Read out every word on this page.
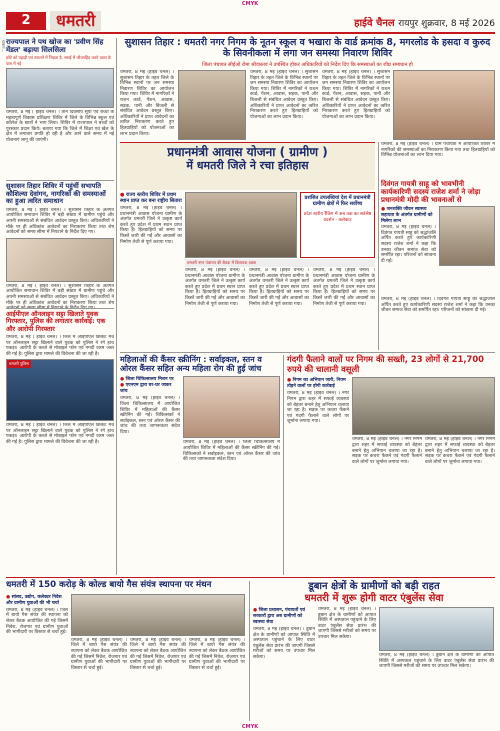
CMYK
चलता...
2	धमतरी	हाईवे चैनल रायपुर शुक्रवार, 8 मई 2026
राज्यपाल ने पथ खोज का 'प्रवीण सिंह मेंडल' बढ़ाया सिलसिला
छोटे को पहाड़ी एवं तराशने में भिड़ता है. सराई में जीवनहिंद करने वाला के पास में नई
धमतरी, 8 मई ( हाईवे चैनल) । तीन दिवसीय सूर्या एवं बच्चों के महत्वपूर्ण विकास प्रशिक्षण शिविर में जिले के विभिन्न स्कूल एवं कॉलेज के छात्रों ने भाग लिया। शिविर में राज्यपाल ने बच्चों को पुरस्कार प्रदान किये। बताया गया कि जिले में शिक्षा एवं खेल के क्षेत्र में लगातार प्रगति हो रही है और आने वाले समय में नई योजनाएं लागू की जाएंगी।
सुशासन तिहार शिविर में पहुंचीं सभापति कौशिल्या देवांगन, नागरिकों की समस्याओं का हुआ त्वरित समाधान
धमतरी, 8 मई ( हाईवे चैनल) । सुशासन तिहार के अंतर्गत आयोजित समाधान शिविर में बड़ी संख्या में ग्रामीण पहुंचे और अपनी समस्याओं से संबंधित आवेदन प्रस्तुत किए। अधिकारियों ने मौके पर ही अधिकांश आवेदनों का निराकरण किया तथा शेष आवेदनों को समय सीमा में निपटाने के निर्देश दिए गए।
धमतरी, 8 मई ( हाईवे चैनल) । सुशासन तिहार के अंतर्गत आयोजित समाधान शिविर में बड़ी संख्या में ग्रामीण पहुंचे और अपनी समस्याओं से संबंधित आवेदन प्रस्तुत किए। अधिकारियों ने मौके पर ही अधिकांश आवेदनों का निराकरण किया तथा शेष आवेदनों को समय सीमा में निपटाने के निर्देश दिए गए।
आईपीएल ऑनलाइन सट्टा खिलाते युवक गिरफ्तार, पुलिस की लगातार कार्रवाई: एक और आरोपी गिरफ्तार
धमतरी, 8 मई ( हाईवे चैनल) । जिले में आईपीएल क्रिकेट मैच पर ऑनलाइन सट्टा खिलाने वाले युवक को पुलिस ने रंगे हाथ पकड़ा। आरोपी के कब्जे से मोबाइल फोन एवं नगदी रकम जब्त की गई है। पुलिस द्वारा मामले की विवेचना की जा रही है।
धमतरी पुलिस
धमतरी, 8 मई ( हाईवे चैनल) । जिले में आईपीएल क्रिकेट मैच पर ऑनलाइन सट्टा खिलाने वाले युवक को पुलिस ने रंगे हाथ पकड़ा। आरोपी के कब्जे से मोबाइल फोन एवं नगदी रकम जब्त की गई है। पुलिस द्वारा मामले की विवेचना की जा रही है।
सुशासन तिहार : धमतरी नगर निगम के नूतन स्कूल व भखारा के वार्ड क्रमांक 8, मगरलोड के हसदा व कुरुद के सिवनीकला में लगा जन समस्या निवारण शिविर
जिला पंचायत सीईओ रोमा श्रीवास्तव ने उपस्थित होकर अधिकारियों को निर्देश दिए कि समस्याओं का शीघ्र समाधान हो
धमतरी, 8 मई (हाईवे चैनल) । सुशासन तिहार के तहत जिले के विभिन्न स्थानों पर जन समस्या निवारण शिविर का आयोजन किया गया। शिविर में नागरिकों ने राशन कार्ड, पेंशन, आवास, सड़क, पानी और बिजली से संबंधित आवेदन प्रस्तुत किए। अधिकारियों ने प्राप्त आवेदनों का त्वरित निराकरण करते हुए हितग्राहियों को योजनाओं का लाभ प्रदान किया।
धमतरी, 8 मई (हाईवे चैनल) । सुशासन तिहार के तहत जिले के विभिन्न स्थानों पर जन समस्या निवारण शिविर का आयोजन किया गया। शिविर में नागरिकों ने राशन कार्ड, पेंशन, आवास, सड़क, पानी और बिजली से संबंधित आवेदन प्रस्तुत किए। अधिकारियों ने प्राप्त आवेदनों का त्वरित निराकरण करते हुए हितग्राहियों को योजनाओं का लाभ प्रदान किया।
धमतरी, 8 मई (हाईवे चैनल) । सुशासन तिहार के तहत जिले के विभिन्न स्थानों पर जन समस्या निवारण शिविर का आयोजन किया गया। शिविर में नागरिकों ने राशन कार्ड, पेंशन, आवास, सड़क, पानी और बिजली से संबंधित आवेदन प्रस्तुत किए। अधिकारियों ने प्राप्त आवेदनों का त्वरित निराकरण करते हुए हितग्राहियों को योजनाओं का लाभ प्रदान किया।
प्रधानमंत्री आवास योजना ( ग्रामीण )
में धमतरी जिले ने रचा इतिहास
● राज्य स्तरीय शिविर में प्रथम स्थान प्राप्त कर बना राष्ट्रीय सितारा
धमतरी, 8 मई (हाईवे चैनल) । प्रधानमंत्री आवास योजना ग्रामीण के अंतर्गत धमतरी जिले ने उत्कृष्ट कार्य करते हुए प्रदेश में प्रथम स्थान प्राप्त किया है। हितग्राहियों को समय पर किस्तें जारी की गईं और आवासों का निर्माण तेजी से पूर्ण कराया गया।
धमतरी नगर पंचायत की बैठक में विधायक वक्ता
प्रशंसित उपलब्धियां देश में प्रधानमंत्री ग्रामीण क्षेत्रों में फिर सर्वोच्च
प्रदेश स्तरीय रैंकिंग में अब तक का सर्वश्रेष्ठ प्रदर्शन - कलेक्टर
धमतरी, 8 मई (हाईवे चैनल) । प्रधानमंत्री आवास योजना ग्रामीण के अंतर्गत धमतरी जिले ने उत्कृष्ट कार्य करते हुए प्रदेश में प्रथम स्थान प्राप्त किया है। हितग्राहियों को समय पर किस्तें जारी की गईं और आवासों का निर्माण तेजी से पूर्ण कराया गया।
धमतरी, 8 मई (हाईवे चैनल) । प्रधानमंत्री आवास योजना ग्रामीण के अंतर्गत धमतरी जिले ने उत्कृष्ट कार्य करते हुए प्रदेश में प्रथम स्थान प्राप्त किया है। हितग्राहियों को समय पर किस्तें जारी की गईं और आवासों का निर्माण तेजी से पूर्ण कराया गया।
धमतरी, 8 मई (हाईवे चैनल) । प्रधानमंत्री आवास योजना ग्रामीण के अंतर्गत धमतरी जिले ने उत्कृष्ट कार्य करते हुए प्रदेश में प्रथम स्थान प्राप्त किया है। हितग्राहियों को समय पर किस्तें जारी की गईं और आवासों का निर्माण तेजी से पूर्ण कराया गया।
धमतरी, 8 मई (हाईवे चैनल) । ग्राम पंचायतों में आयोजित शिविर में नागरिकों की समस्याओं का निराकरण किया गया तथा हितग्राहियों को विभिन्न योजनाओं का लाभ दिया गया।
दिवंगत गायत्री साहू को भावभीनी कार्यकारिणी सदस्य राजेश शर्मा ने जोड़ा प्रधानमंत्री मोदी की भावनाओं से
● जनशक्ति जीवन स्वास्थ्य सहायता के अंतर्गत ग्रामीणों को मिलेगा लाभ
धमतरी, 8 मई (हाईवे चैनल) । दिवंगत गायत्री साहू को श्रद्धांजलि अर्पित करते हुए कार्यकारिणी सदस्य राजेश शर्मा ने कहा कि उनका जीवन समाज सेवा को समर्पित रहा। परिजनों को सांत्वना दी गई।
धमतरी, 8 मई (हाईवे चैनल) । दिवंगत गायत्री साहू को श्रद्धांजलि अर्पित करते हुए कार्यकारिणी सदस्य राजेश शर्मा ने कहा कि उनका जीवन समाज सेवा को समर्पित रहा। परिजनों को सांत्वना दी गई।
महिलाओं की कैंसर स्क्रीनिंग : सर्वाइकल, स्तन व ओरल कैंसर सहित अन्य महिला रोग की हुई जांच
● जिला चिकित्सालय मिशन पर
● एएनएम द्वारा घर-घर जाकर जांच
धमतरी, 8 मई (हाईवे चैनल) । जिला चिकित्सालय में आयोजित शिविर में महिलाओं की कैंसर स्क्रीनिंग की गई। चिकित्सकों ने सर्वाइकल, स्तन एवं ओरल कैंसर की जांच की तथा जागरूकता संदेश दिया।
धमतरी, 8 मई (हाईवे चैनल) । जिला चिकित्सालय में आयोजित शिविर में महिलाओं की कैंसर स्क्रीनिंग की गई। चिकित्सकों ने सर्वाइकल, स्तन एवं ओरल कैंसर की जांच की तथा जागरूकता संदेश दिया।
गंदगी फैलाने वालों पर निगम की सख्ती, 23 लोगों से 21,700 रुपये की चालानी वसूली
● निगम का अभियान जारी, नियम तोड़ने वालों पर होगी कार्रवाई
धमतरी, 8 मई (हाईवे चैनल) । नगर निगम द्वारा शहर में सफाई व्यवस्था को बेहतर बनाने हेतु अभियान चलाया जा रहा है। सड़क पर कचरा फेंकने एवं गंदगी फैलाने वाले लोगों पर जुर्माना लगाया गया।
धमतरी, 8 मई (हाईवे चैनल) । नगर निगम द्वारा शहर में सफाई व्यवस्था को बेहतर बनाने हेतु अभियान चलाया जा रहा है। सड़क पर कचरा फेंकने एवं गंदगी फैलाने वाले लोगों पर जुर्माना लगाया गया।
धमतरी, 8 मई (हाईवे चैनल) । नगर निगम द्वारा शहर में सफाई व्यवस्था को बेहतर बनाने हेतु अभियान चलाया जा रहा है। सड़क पर कचरा फेंकने एवं गंदगी फैलाने वाले लोगों पर जुर्माना लगाया गया।
धमतरी में 150 करोड़ के कोल्ड बायो गैस संयंत्र स्थापना पर मंथन
● सांसद, उद्योग, कलेक्टर निवेश और ग्रामीण युवाओं की भी चर्चा
धमतरी, 8 मई (हाईवे चैनल) । जिले में बायो गैस संयंत्र की स्थापना को लेकर बैठक आयोजित की गई जिसमें निवेश, रोजगार एवं ग्रामीण युवाओं की भागीदारी पर विस्तार से चर्चा हुई।
धमतरी, 8 मई (हाईवे चैनल) । जिले में बायो गैस संयंत्र की स्थापना को लेकर बैठक आयोजित की गई जिसमें निवेश, रोजगार एवं ग्रामीण युवाओं की भागीदारी पर विस्तार से चर्चा हुई।
धमतरी, 8 मई (हाईवे चैनल) । जिले में बायो गैस संयंत्र की स्थापना को लेकर बैठक आयोजित की गई जिसमें निवेश, रोजगार एवं ग्रामीण युवाओं की भागीदारी पर विस्तार से चर्चा हुई।
धमतरी, 8 मई (हाईवे चैनल) । जिले में बायो गैस संयंत्र की स्थापना को लेकर बैठक आयोजित की गई जिसमें निवेश, रोजगार एवं ग्रामीण युवाओं की भागीदारी पर विस्तार से चर्चा हुई।
डूबान क्षेत्रों के ग्रामीणों को बड़ी राहत
धमतरी में शुरू होगी वाटर एंबुलेंस सेवा
● जिला प्रशासन, पंचायतों एवं सरकारों द्वारा अब ग्रामीणों को स्वास्थ्य सेवा
धमतरी, 8 मई (हाईवे चैनल) । डूबान क्षेत्र के ग्रामीणों को आपात स्थिति में अस्पताल पहुंचाने के लिए वाटर एंबुलेंस सेवा प्रारंभ की जाएगी जिससे मरीजों को समय पर उपचार मिल सकेगा।
धमतरी, 8 मई (हाईवे चैनल) । डूबान क्षेत्र के ग्रामीणों को आपात स्थिति में अस्पताल पहुंचाने के लिए वाटर एंबुलेंस सेवा प्रारंभ की जाएगी जिससे मरीजों को समय पर उपचार मिल सकेगा।
धमतरी, 8 मई (हाईवे चैनल) । डूबान क्षेत्र के ग्रामीणों को आपात स्थिति में अस्पताल पहुंचाने के लिए वाटर एंबुलेंस सेवा प्रारंभ की जाएगी जिससे मरीजों को समय पर उपचार मिल सकेगा।
CMYK
